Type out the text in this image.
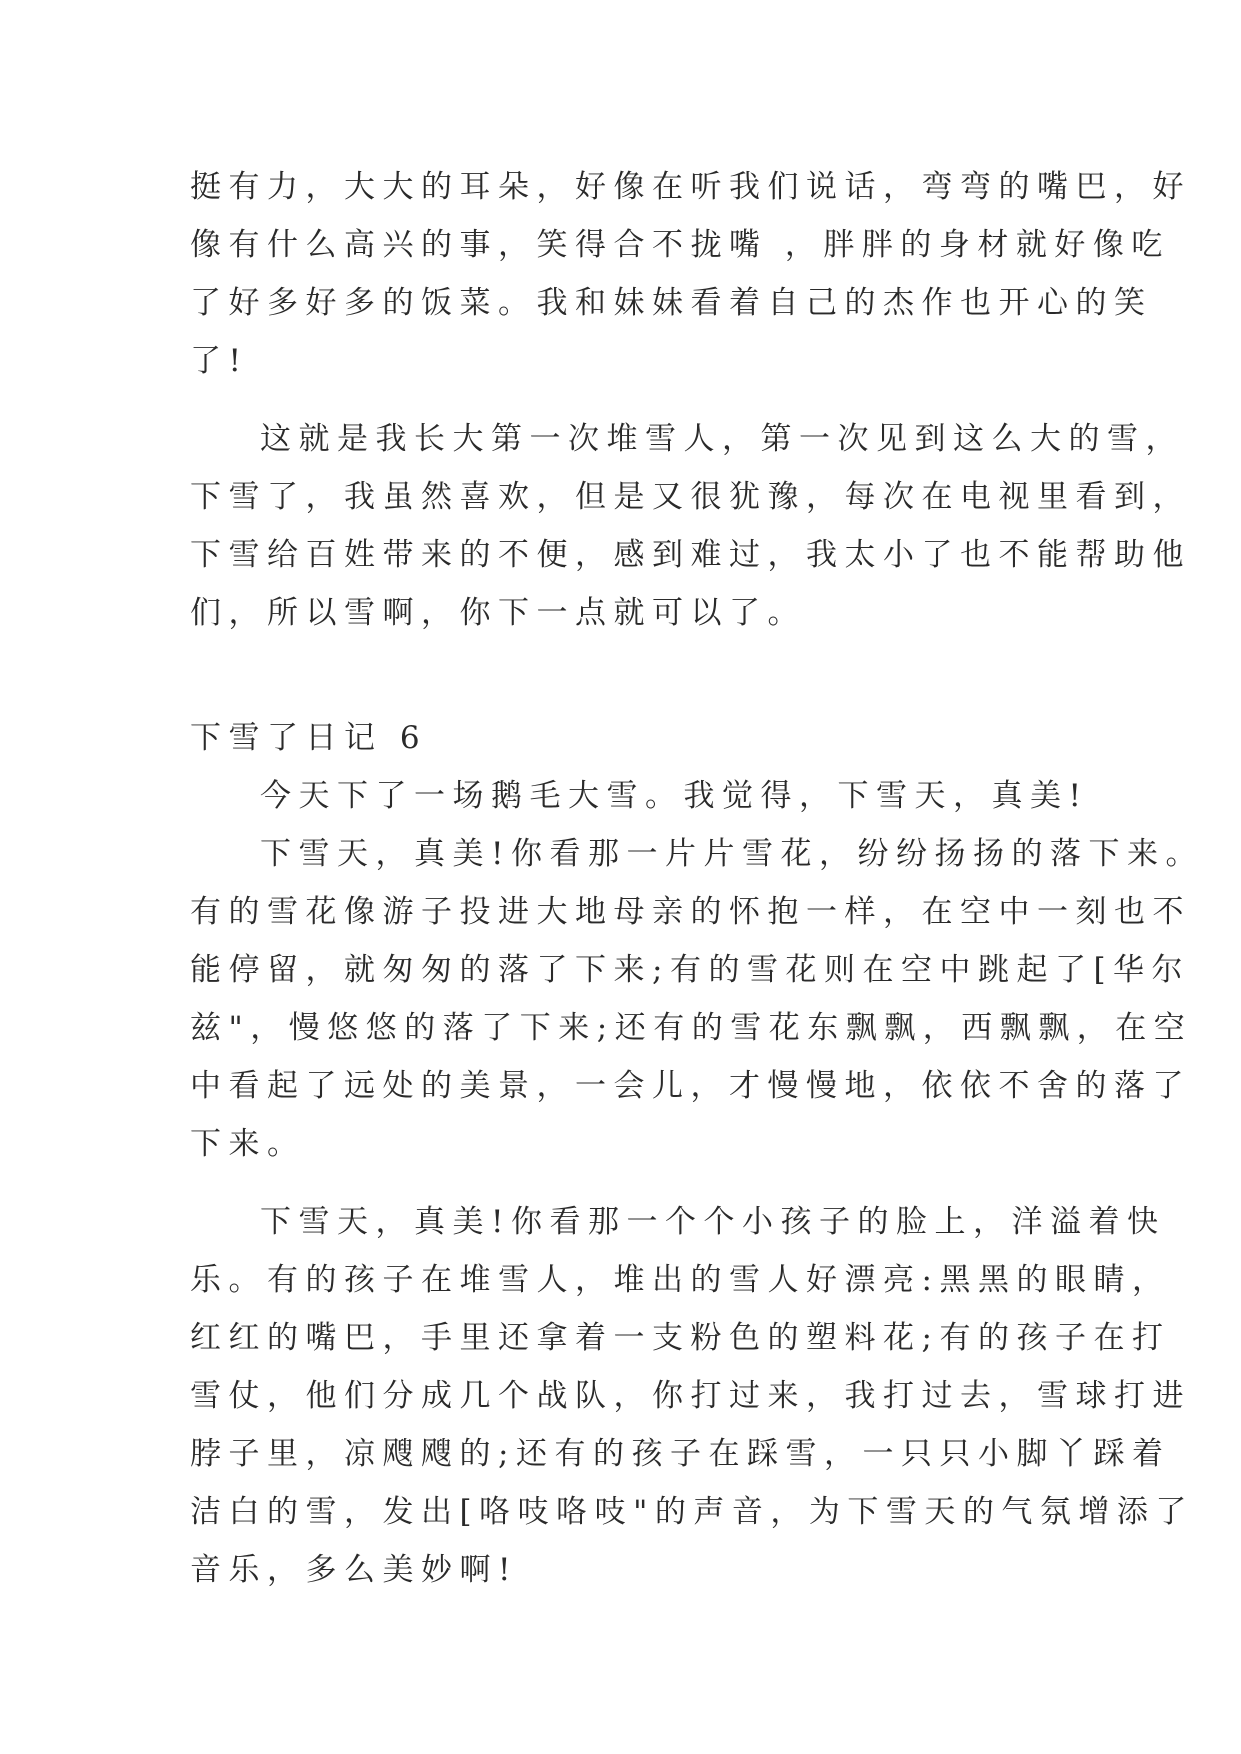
挺有力，大大的耳朵，好像在听我们说话，弯弯的嘴巴，好
像有什么高兴的事，笑得合不拢嘴 ，胖胖的身材就好像吃
了好多好多的饭菜。我和妹妹看着自己的杰作也开心的笑
了!
这就是我长大第一次堆雪人，第一次见到这么大的雪，
下雪了，我虽然喜欢，但是又很犹豫，每次在电视里看到，
下雪给百姓带来的不便，感到难过，我太小了也不能帮助他
们，所以雪啊，你下一点就可以了。
下雪了日记 6
今天下了一场鹅毛大雪。我觉得，下雪天，真美!
下雪天，真美!你看那一片片雪花，纷纷扬扬的落下来。
有的雪花像游子投进大地母亲的怀抱一样，在空中一刻也不
能停留，就匆匆的落了下来;有的雪花则在空中跳起了[华尔
兹"，慢悠悠的落了下来;还有的雪花东飘飘，西飘飘，在空
中看起了远处的美景，一会儿，才慢慢地，依依不舍的落了
下来。
下雪天，真美!你看那一个个小孩子的脸上，洋溢着快
乐。有的孩子在堆雪人，堆出的雪人好漂亮:黑黑的眼睛，
红红的嘴巴，手里还拿着一支粉色的塑料花;有的孩子在打
雪仗，他们分成几个战队，你打过来，我打过去，雪球打进
脖子里，凉飕飕的;还有的孩子在踩雪，一只只小脚丫踩着
洁白的雪，发出[咯吱咯吱"的声音，为下雪天的气氛增添了
音乐，多么美妙啊!
